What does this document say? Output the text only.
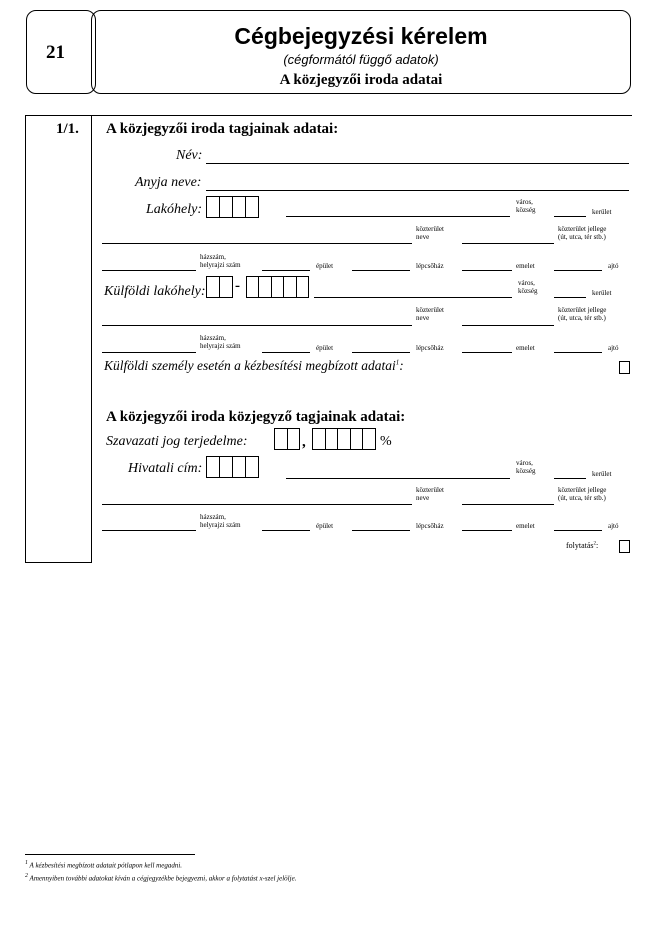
21
Cégbejegyzési kérelem
(cégformától függő adatok)
A közjegyzői iroda adatai
1/1. A közjegyzői iroda tagjainak adatai:
Név:
Anyja neve:
Lakóhely:	város,
község	kerület
közterület
neve
közterület jellege
(út, utca, tér stb.)
házszám,
helyrajzi szám	épület	lépcsőház	emelet	ajtó
Külföldi lakóhely: -	város,
község	kerület
közterület
neve
közterület jellege
(út, utca, tér stb.)
házszám,
helyrajzi szám	épület	lépcsőház	emelet	ajtó
Külföldi személy esetén a kézbesítési megbízott adatai$^1$:
A közjegyzői iroda közjegyző tagjainak adatai:
Szavazati jog terjedelme:	,	%
Hivatali cím:	város,
község	kerület
közterület
neve
közterület jellege
(út, utca, tér stb.)
házszám,
helyrajzi szám	épület	lépcsőház	emelet	ajtó
folytatás$^2$:
$^1$ A kézbesítési megbízott adatait pótlapon kell megadni.
$^2$ Amennyiben további adatokat kíván a cégjegyzékbe bejegyezni, akkor a folytatást x-szel jelölje.
